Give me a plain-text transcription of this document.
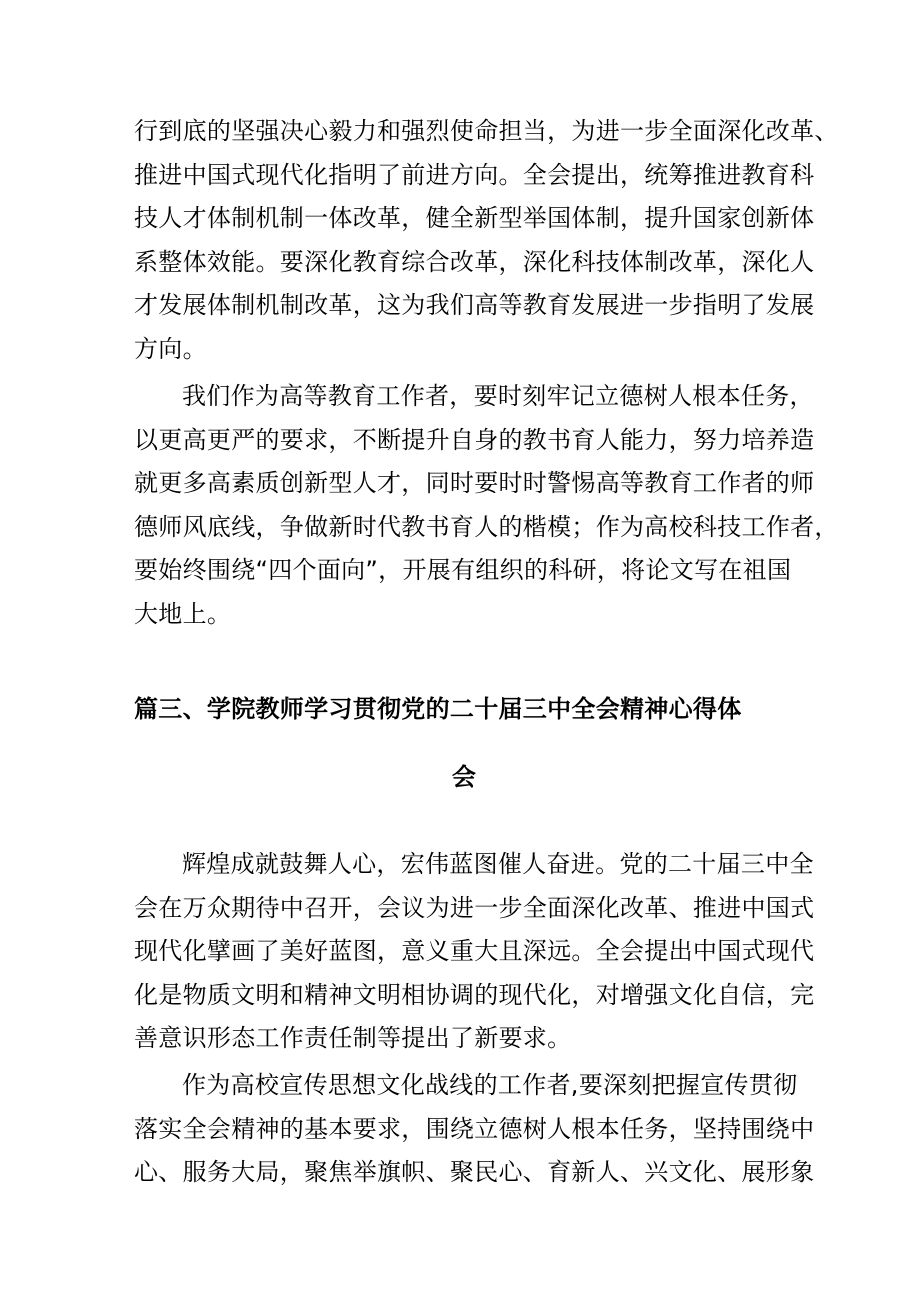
行到底的坚强决心毅力和强烈使命担当，为进一步全面深化改革、
推进中国式现代化指明了前进方向。全会提出，统筹推进教育科
技人才体制机制一体改革，健全新型举国体制，提升国家创新体
系整体效能。要深化教育综合改革，深化科技体制改革，深化人
才发展体制机制改革，这为我们高等教育发展进一步指明了发展
方向。

我们作为高等教育工作者，要时刻牢记立德树人根本任务，
以更高更严的要求，不断提升自身的教书育人能力，努力培养造
就更多高素质创新型人才，同时要时时警惕高等教育工作者的师
德师风底线，争做新时代教书育人的楷模；作为高校科技工作者，
要始终围绕“四个面向”，开展有组织的科研，将论文写在祖国
大地上。

篇三、学院教师学习贯彻党的二十届三中全会精神心得体
会

辉煌成就鼓舞人心，宏伟蓝图催人奋进。党的二十届三中全
会在万众期待中召开，会议为进一步全面深化改革、推进中国式
现代化擘画了美好蓝图，意义重大且深远。全会提出中国式现代
化是物质文明和精神文明相协调的现代化，对增强文化自信，完
善意识形态工作责任制等提出了新要求。

作为高校宣传思想文化战线的工作者,要深刻把握宣传贯彻
落实全会精神的基本要求，围绕立德树人根本任务，坚持围绕中
心、服务大局，聚焦举旗帜、聚民心、育新人、兴文化、展形象
